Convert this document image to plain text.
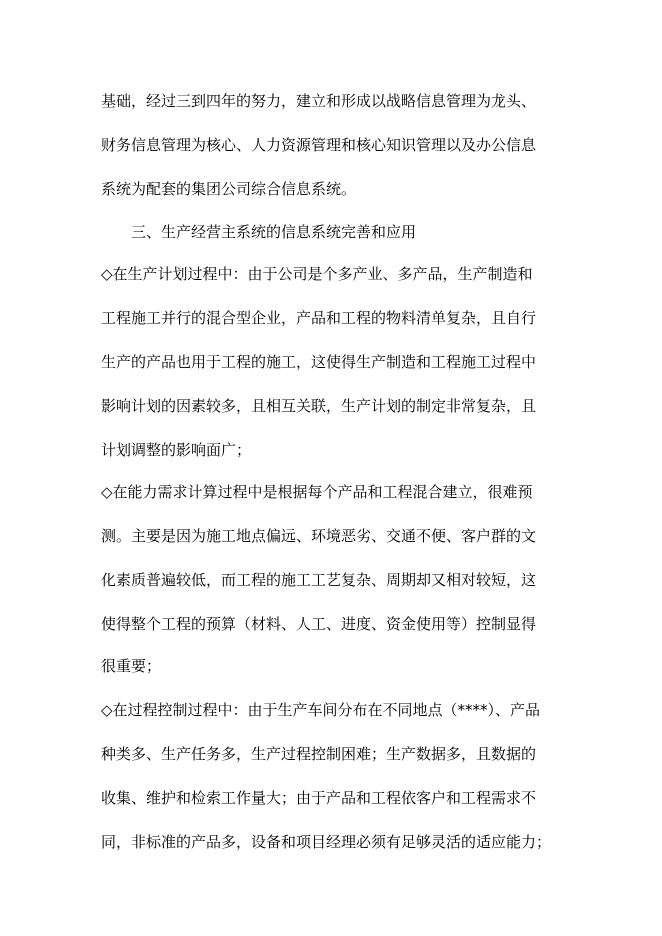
基础，经过三到四年的努力，建立和形成以战略信息管理为龙头、
财务信息管理为核心、人力资源管理和核心知识管理以及办公信息
系统为配套的集团公司综合信息系统。
三、生产经营主系统的信息系统完善和应用
◇在生产计划过程中：由于公司是个多产业、多产品，生产制造和
工程施工并行的混合型企业，产品和工程的物料清单复杂，且自行
生产的产品也用于工程的施工，这使得生产制造和工程施工过程中
影响计划的因素较多，且相互关联，生产计划的制定非常复杂，且
计划调整的影响面广；
◇在能力需求计算过程中是根据每个产品和工程混合建立，很难预
测。主要是因为施工地点偏远、环境恶劣、交通不便、客户群的文
化素质普遍较低，而工程的施工工艺复杂、周期却又相对较短，这
使得整个工程的预算（材料、人工、进度、资金使用等）控制显得
很重要；
◇在过程控制过程中：由于生产车间分布在不同地点（****）、产品
种类多、生产任务多，生产过程控制困难；生产数据多，且数据的
收集、维护和检索工作量大；由于产品和工程依客户和工程需求不
同，非标准的产品多，设备和项目经理必须有足够灵活的适应能力；
